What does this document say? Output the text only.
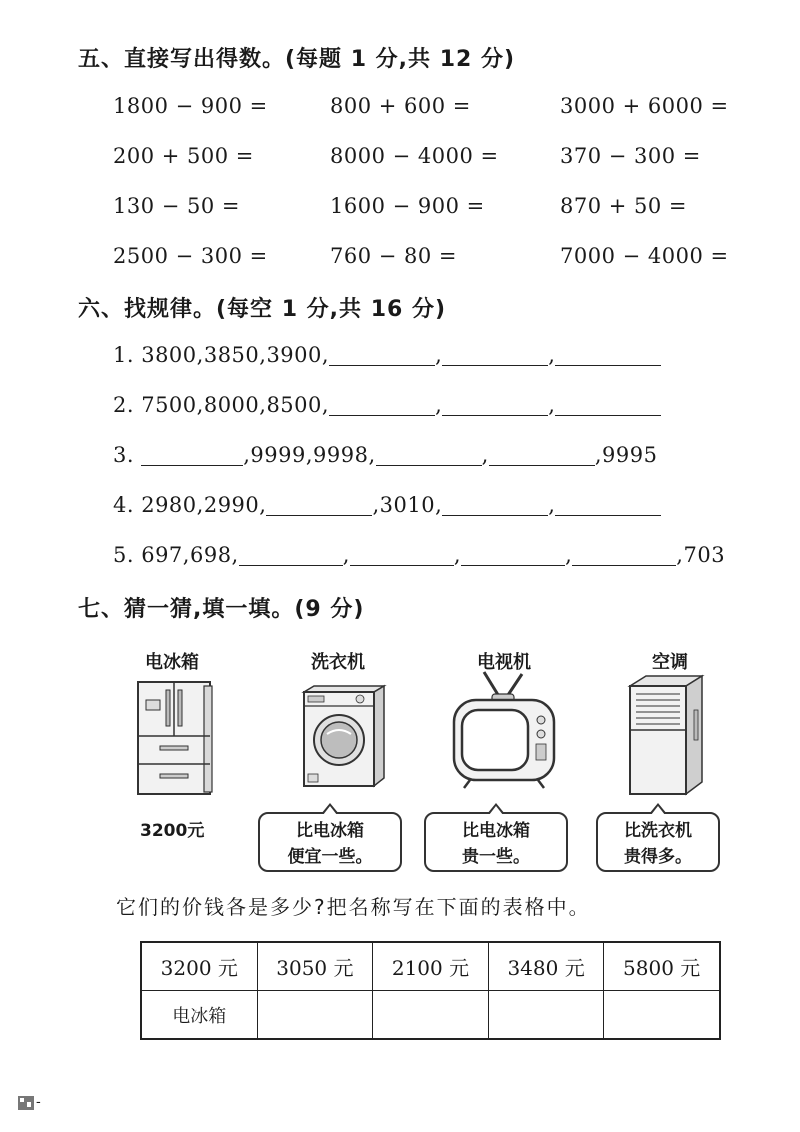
五、直接写出得数。(每题 1 分,共 12 分)
1800 − 900 =	800 + 600 =	3000 + 6000 =
200 + 500 =	8000 − 4000 =	370 − 300 =
130 − 50 =	1600 − 900 =	870 + 50 =
2500 − 300 =	760 − 80 =	7000 − 4000 =
六、找规律。(每空 1 分,共 16 分)
1. 3800,3850,3900,	,	,
2. 7500,8000,8500,	,	,
3.	,9999,9998,	,	,9995
4. 2980,2990,	,3010,	,
5. 697,698,	,	,	,	,703
七、猜一猜,填一填。(9 分)
电冰箱	洗衣机	电视机	空调
3200元	比电冰箱
便宜一些。
比电冰箱
贵一些。
比洗衣机
贵得多。
它们的价钱各是多少?把名称写在下面的表格中。
3200 元	3050 元	2100 元	3480 元	5800 元
电冰箱				
-
